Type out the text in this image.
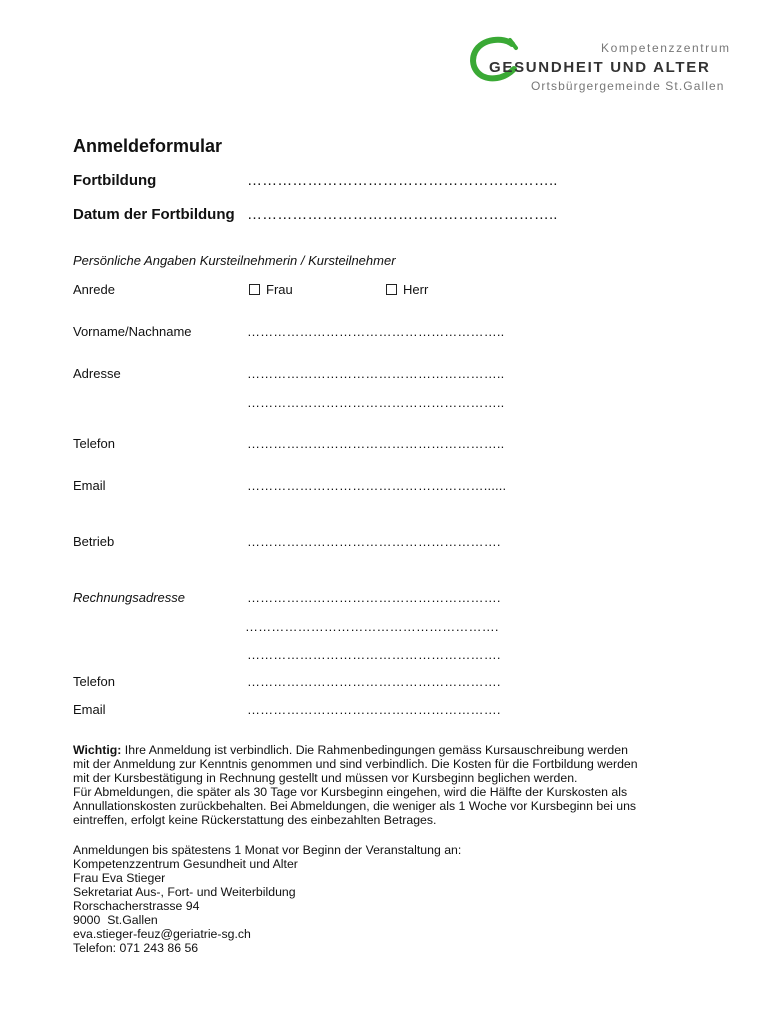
Kompetenzzentrum
GESUNDHEIT UND ALTER
Ortsbürgergemeinde St.Gallen
Anmeldeformular
Fortbildung	……………………………………………………..
Datum der Fortbildung ……………………………………………………..
Persönliche Angaben Kursteilnehmerin / Kursteilnehmer
Anrede	Frau	Herr
Vorname/Nachname	…………………………………………………..
Adresse	…………………………………………………..
…………………………………………………..
Telefon	…………………………………………………..
Email	………………………………………………......
Betrieb	………………………………………………….
Rechnungsadresse	………………………………………………….
………………………………………………….
………………………………………………….
Telefon	………………………………………………….
Email	………………………………………………….
Wichtig: Ihre Anmeldung ist verbindlich. Die Rahmenbedingungen gemäss Kursauschreibung werden
mit der Anmeldung zur Kenntnis genommen und sind verbindlich. Die Kosten für die Fortbildung werden
mit der Kursbestätigung in Rechnung gestellt und müssen vor Kursbeginn beglichen werden.
Für Abmeldungen, die später als 30 Tage vor Kursbeginn eingehen, wird die Hälfte der Kurskosten als
Annullationskosten zurückbehalten. Bei Abmeldungen, die weniger als 1 Woche vor Kursbeginn bei uns
eintreffen, erfolgt keine Rückerstattung des einbezahlten Betrages.
Anmeldungen bis spätestens 1 Monat vor Beginn der Veranstaltung an:
Kompetenzzentrum Gesundheit und Alter
Frau Eva Stieger
Sekretariat Aus-, Fort- und Weiterbildung
Rorschacherstrasse 94
9000  St.Gallen
eva.stieger-feuz@geriatrie-sg.ch
Telefon: 071 243 86 56
